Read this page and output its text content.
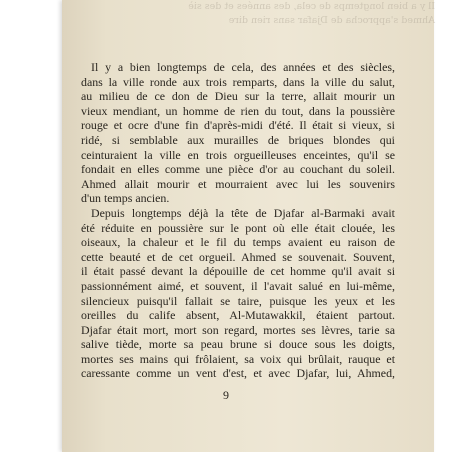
Il y a bien longtemps de cela, des années et des siè
Ahmed s'approcha de Djafar sans rien dire
Il y a bien longtemps de cela, des années et des siècles,
dans la ville ronde aux trois remparts, dans la ville du salut,
au milieu de ce don de Dieu sur la terre, allait mourir un
vieux mendiant, un homme de rien du tout, dans la poussière
rouge et ocre d'une fin d'après-midi d'été. Il était si vieux, si
ridé, si semblable aux murailles de briques blondes qui
ceinturaient la ville en trois orgueilleuses enceintes, qu'il se
fondait en elles comme une pièce d'or au couchant du soleil.
Ahmed allait mourir et mourraient avec lui les souvenirs
d'un temps ancien.
Depuis longtemps déjà la tête de Djafar al-Barmaki avait
été réduite en poussière sur le pont où elle était clouée, les
oiseaux, la chaleur et le fil du temps avaient eu raison de
cette beauté et de cet orgueil. Ahmed se souvenait. Souvent,
il était passé devant la dépouille de cet homme qu'il avait si
passionnément aimé, et souvent, il l'avait salué en lui-même,
silencieux puisqu'il fallait se taire, puisque les yeux et les
oreilles du calife absent, Al-Mutawakkil, étaient partout.
Djafar était mort, mort son regard, mortes ses lèvres, tarie sa
salive tiède, morte sa peau brune si douce sous les doigts,
mortes ses mains qui frôlaient, sa voix qui brûlait, rauque et
caressante comme un vent d'est, et avec Djafar, lui, Ahmed,
9
